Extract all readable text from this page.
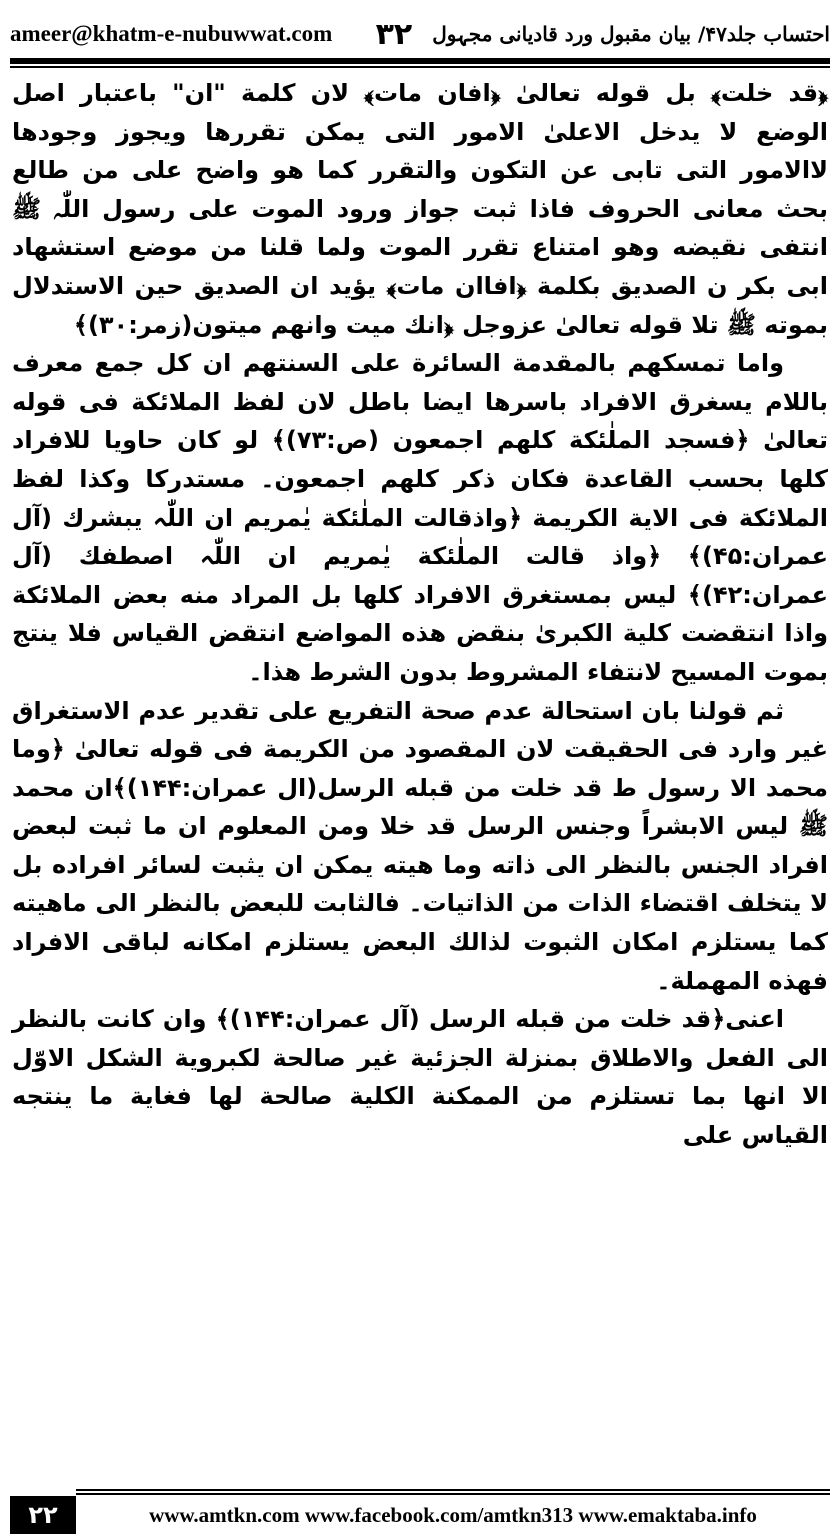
ameer@khatm-e-nubuwwat.com	احتساب جلد۴۷/ بیان مقبول ورد قادیانی مجہول
۳۲

﴿قد خلت﴾ بل قوله تعالیٰ ﴿افان مات﴾ لان کلمة "ان" باعتبار اصل الوضع لا یدخل الاعلیٰ الامور التی یمکن تقررها ویجوز وجودها لاالامور التی تابی عن التکون والتقرر کما هو واضح علی من طالع بحث معانی الحروف فاذا ثبت جواز ورود الموت علی رسول اللّٰہ ﷺ انتفی نقیضه وهو امتناع تقرر الموت ولما قلنا من موضع استشهاد ابی بکر ن الصدیق بکلمة ﴿افاان مات﴾ یؤید ان الصدیق حین الاستدلال بموته ﷺ تلا قوله تعالیٰ عزوجل ﴿انك میت وانهم میتون(زمر:۳۰)﴾

واما تمسکهم بالمقدمة السائرة علی السنتهم ان کل جمع معرف باللام یسغرق الافراد باسرها ایضا باطل لان لفظ الملائکة فی قوله تعالیٰ ﴿فسجد الملٰئکة کلهم اجمعون (ص:۷۳)﴾ لو کان حاویا للافراد کلها بحسب القاعدة فکان ذکر کلهم اجمعون۔ مستدرکا وکذا لفظ الملائکة فی الایة الکریمة ﴿واذقالت الملٰئکة یٰمریم ان اللّٰہ یبشرك (آل عمران:۴۵)﴾ ﴿واذ قالت الملٰئکة یٰمریم ان اللّٰہ اصطفك (آل عمران:۴۲)﴾ لیس بمستغرق الافراد کلها بل المراد منه بعض الملائکة واذا انتقضت کلیة الکبریٰ بنقض هذه المواضع انتقض القیاس فلا ینتج بموت المسیح لانتفاء المشروط بدون الشرط هذا۔

ثم قولنا بان استحالة عدم صحة التفریع علی تقدیر عدم الاستغراق غیر وارد فی الحقیقت لان المقصود من الکریمة فی قوله تعالیٰ ﴿وما محمد الا رسول ط قد خلت من قبله الرسل(ال عمران:۱۴۴)﴾ان محمد ﷺ لیس الابشراً وجنس الرسل قد خلا ومن المعلوم ان ما ثبت لبعض افراد الجنس بالنظر الی ذاته وما هیته یمکن ان یثبت لسائر افراده بل لا یتخلف اقتضاء الذات من الذاتیات۔ فالثابت للبعض بالنظر الی ماهیته کما یستلزم امکان الثبوت لذالك البعض یستلزم امکانه لباقی الافراد فهذه المهملة۔

اعنی﴿قد خلت من قبله الرسل (آل عمران:۱۴۴)﴾ وان کانت بالنظر الی الفعل والاطلاق بمنزلة الجزئیة غیر صالحة لکبرویة الشکل الاوّل الا انها بما تستلزم من الممکنة الکلیة صالحة لها فغایة ما ینتجه القیاس علی

۲۲	www.amtkn.com www.facebook.com/amtkn313 www.emaktaba.info
